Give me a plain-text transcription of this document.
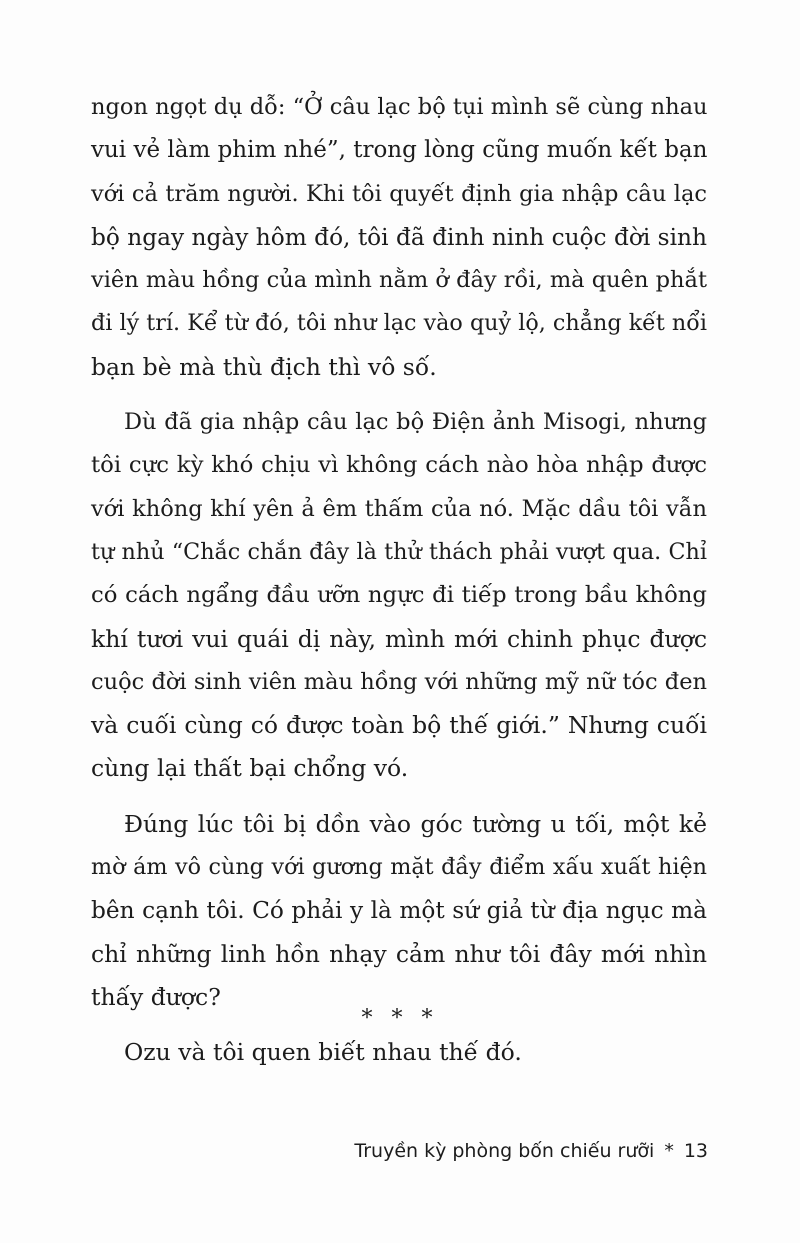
ngon ngọt dụ dỗ: “Ở câu lạc bộ tụi mình sẽ cùng nhau
vui vẻ làm phim nhé”, trong lòng cũng muốn kết bạn
với cả trăm người. Khi tôi quyết định gia nhập câu lạc
bộ ngay ngày hôm đó, tôi đã đinh ninh cuộc đời sinh
viên màu hồng của mình nằm ở đây rồi, mà quên phắt
đi lý trí. Kể từ đó, tôi như lạc vào quỷ lộ, chẳng kết nổi
bạn bè mà thù địch thì vô số.
Dù đã gia nhập câu lạc bộ Điện ảnh Misogi, nhưng
tôi cực kỳ khó chịu vì không cách nào hòa nhập được
với không khí yên ả êm thấm của nó. Mặc dầu tôi vẫn
tự nhủ “Chắc chắn đây là thử thách phải vượt qua. Chỉ
có cách ngẩng đầu ưỡn ngực đi tiếp trong bầu không
khí tươi vui quái dị này, mình mới chinh phục được
cuộc đời sinh viên màu hồng với những mỹ nữ tóc đen
và cuối cùng có được toàn bộ thế giới.” Nhưng cuối
cùng lại thất bại chổng vó.
Đúng lúc tôi bị dồn vào góc tường u tối, một kẻ
mờ ám vô cùng với gương mặt đầy điểm xấu xuất hiện
bên cạnh tôi. Có phải y là một sứ giả từ địa ngục mà
chỉ những linh hồn nhạy cảm như tôi đây mới nhìn
thấy được?
Ozu và tôi quen biết nhau thế đó.
* * *
Truyền kỳ phòng bốn chiếu rưỡi * 13
